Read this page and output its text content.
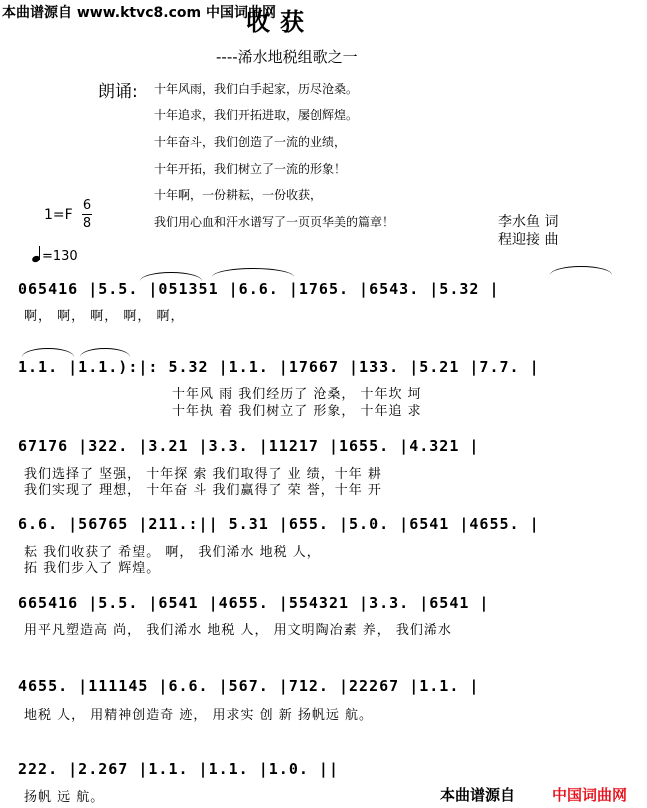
本曲谱源自 www.ktvc8.com 中国词曲网
收获
----浠水地税组歌之一
朗诵: 十年风雨，我们白手起家，历尽沧桑。
十年追求，我们开拓进取，屡创辉煌。
十年奋斗，我们创造了一流的业绩，
十年开拓，我们树立了一流的形象！
十年啊，一份耕耘，一份收获，
我们用心血和汗水谱写了一页页华美的篇章！
1=F
6
8	李水鱼 词
程迎接 曲
=130
065416 |5.5. |051351 |6.6. |1765. |6543. |5.32 |
啊， 啊， 啊， 啊， 啊，
1.1. |1.1.):|: 5.32 |1.1. |17667 |133. |5.21 |7.7. |
十年风 雨 我们经历了 沧桑， 十年坎 坷
十年执 着 我们树立了 形象， 十年追 求
67176 |322. |3.21 |3.3. |11217 |1655. |4.321 |
我们选择了 坚强， 十年探 索 我们取得了 业 绩，十年 耕
我们实现了 理想， 十年奋 斗 我们赢得了 荣 誉，十年 开
6.6. |56765 |211.:|| 5.31 |655. |5.0. |6541 |4655. |
耘 我们收获了 希望。 啊， 我们浠水 地税 人，
拓 我们步入了 辉煌。
665416 |5.5. |6541 |4655. |554321 |3.3. |6541 |
用平凡塑造高 尚， 我们浠水 地税 人， 用文明陶冶素 养， 我们浠水
4655. |111145 |6.6. |567. |712. |22267 |1.1. |
地税 人， 用精神创造奇 迹， 用求实 创 新 扬帆远 航。
222. |2.267 |1.1. |1.1. |1.0. ||
扬帆 远 航。	本曲谱源自 中国词曲网
